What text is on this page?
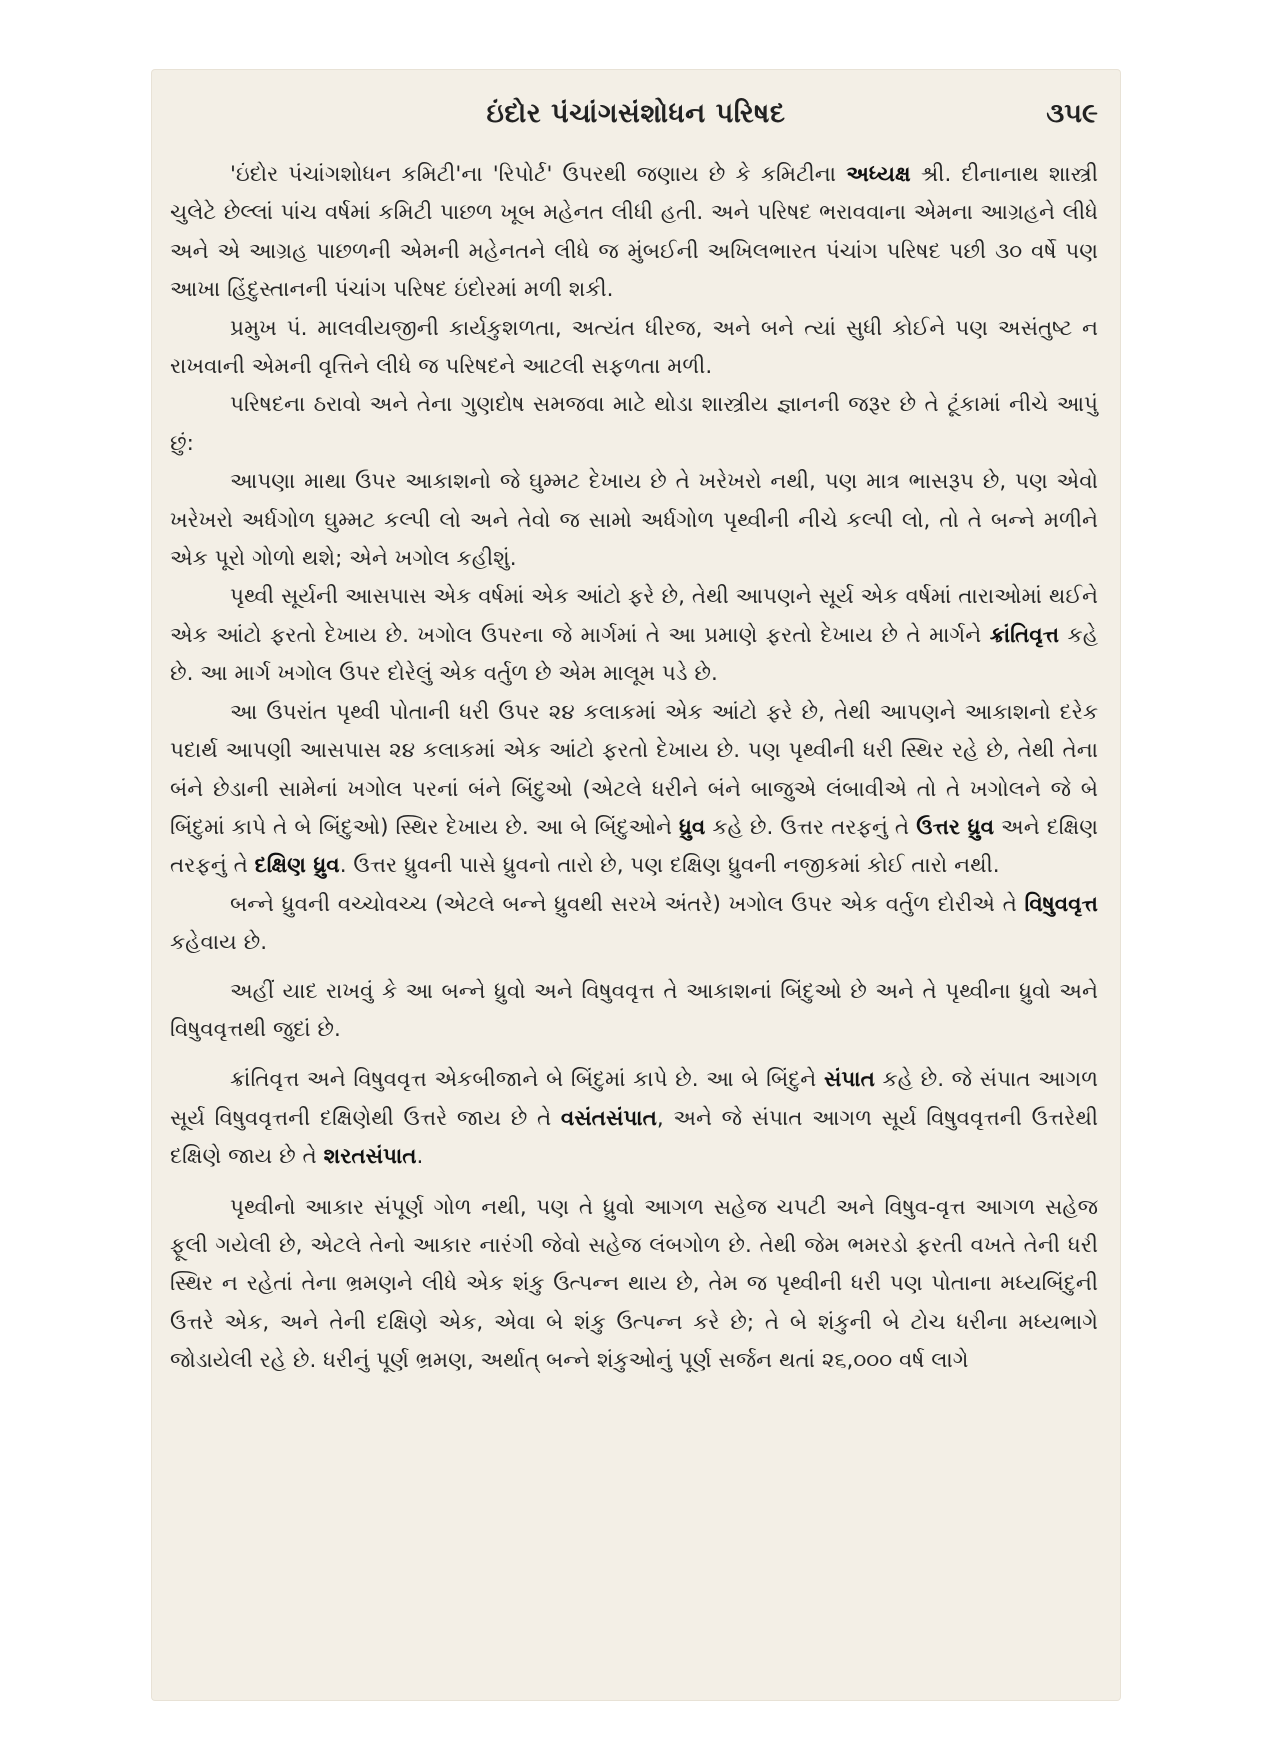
ઇંદોર પંચાંગસંશોધન પરિષદ	૩૫૯

'ઇંદોર પંચાંગશોધન કમિટી'ના 'રિપોર્ટ' ઉપરથી જણાય છે કે કમિટીના અધ્યક્ષ શ્રી. દીનાનાથ શાસ્ત્રી ચુલેટે છેલ્લાં પાંચ વર્ષમાં કમિટી પાછળ ખૂબ મહેનત લીધી હતી. અને પરિષદ ભરાવવાના એમના આગ્રહને લીધે અને એ આગ્રહ પાછળની એમની મહેનતને લીધે જ મુંબઈની અખિલભારત પંચાંગ પરિષદ પછી ૩૦ વર્ષે પણ આખા હિંદુસ્તાનની પંચાંગ પરિષદ ઇંદોરમાં મળી શકી.

પ્રમુખ પં. માલવીયજીની કાર્યકુશળતા, અત્યંત ધીરજ, અને બને ત્યાં સુધી કોઈને પણ અસંતુષ્ટ ન રાખવાની એમની વૃત્તિને લીધે જ પરિષદને આટલી સફળતા મળી.

પરિષદના ઠરાવો અને તેના ગુણદોષ સમજવા માટે થોડા શાસ્ત્રીય જ્ઞાનની જરૂર છે તે ટૂંકામાં નીચે આપું છું:

આપણા માથા ઉપર આકાશનો જે ઘુમ્મટ દેખાય છે તે ખરેખરો નથી, પણ માત્ર ભાસરૂપ છે, પણ એવો ખરેખરો અર્ધગોળ ઘુમ્મટ કલ્પી લો અને તેવો જ સામો અર્ધગોળ પૃથ્વીની નીચે કલ્પી લો, તો તે બન્ને મળીને એક પૂરો ગોળો થશે; એને ખગોલ કહીશું.

પૃથ્વી સૂર્યની આસપાસ એક વર્ષમાં એક આંટો ફરે છે, તેથી આપણને સૂર્ય એક વર્ષમાં તારાઓમાં થઈને એક આંટો ફરતો દેખાય છે. ખગોલ ઉપરના જે માર્ગમાં તે આ પ્રમાણે ફરતો દેખાય છે તે માર્ગને ક્રાંતિવૃત્ત કહે છે. આ માર્ગ ખગોલ ઉપર દોરેલું એક વર્તુળ છે એમ માલૂમ પડે છે.

આ ઉપરાંત પૃથ્વી પોતાની ધરી ઉપર ૨૪ કલાકમાં એક આંટો ફરે છે, તેથી આપણને આકાશનો દરેક પદાર્થ આપણી આસપાસ ૨૪ કલાકમાં એક આંટો ફરતો દેખાય છે. પણ પૃથ્વીની ધરી સ્થિર રહે છે, તેથી તેના બંને છેડાની સામેનાં ખગોલ પરનાં બંને બિંદુઓ (એટલે ધરીને બંને બાજુએ લંબાવીએ તો તે ખગોલને જે બે બિંદુમાં કાપે તે બે બિંદુઓ) સ્થિર દેખાય છે. આ બે બિંદુઓને ધ્રુવ કહે છે. ઉત્તર તરફનું તે ઉત્તર ધ્રુવ અને દક્ષિણ તરફનું તે દક્ષિણ ધ્રુવ. ઉત્તર ધ્રુવની પાસે ધ્રુવનો તારો છે, પણ દક્ષિણ ધ્રુવની નજીકમાં કોઈ તારો નથી.

બન્ને ધ્રુવની વચ્ચોવચ્ચ (એટલે બન્ને ધ્રુવથી સરખે અંતરે) ખગોલ ઉપર એક વર્તુળ દોરીએ તે વિષુવવૃત્ત કહેવાય છે.

અહીં યાદ રાખવું કે આ બન્ને ધ્રુવો અને વિષુવવૃત્ત તે આકાશનાં બિંદુઓ છે અને તે પૃથ્વીના ધ્રુવો અને વિષુવવૃત્તથી જુદાં છે.

ક્રાંતિવૃત્ત અને વિષુવવૃત્ત એકબીજાને બે બિંદુમાં કાપે છે. આ બે બિંદુને સંપાત કહે છે. જે સંપાત આગળ સૂર્ય વિષુવવૃત્તની દક્ષિણેથી ઉત્તરે જાય છે તે વસંતસંપાત, અને જે સંપાત આગળ સૂર્ય વિષુવવૃત્તની ઉત્તરેથી દક્ષિણે જાય છે તે શરતસંપાત.

પૃથ્વીનો આકાર સંપૂર્ણ ગોળ નથી, પણ તે ધ્રુવો આગળ સહેજ ચપટી અને વિષુવ-વૃત્ત આગળ સહેજ ફૂલી ગયેલી છે, એટલે તેનો આકાર નારંગી જેવો સહેજ લંબગોળ છે. તેથી જેમ ભમરડો ફરતી વખતે તેની ધરી સ્થિર ન રહેતાં તેના ભ્રમણને લીધે એક શંકુ ઉત્પન્ન થાય છે, તેમ જ પૃથ્વીની ધરી પણ પોતાના મધ્યબિંદુની ઉત્તરે એક, અને તેની દક્ષિણે એક, એવા બે શંકુ ઉત્પન્ન કરે છે; તે બે શંકુની બે ટોચ ધરીના મધ્યભાગે જોડાયેલી રહે છે. ધરીનું પૂર્ણ ભ્રમણ, અર્થાત્ બન્ને શંકુઓનું પૂર્ણ સર્જન થતાં ૨૬,૦૦૦ વર્ષ લાગે
